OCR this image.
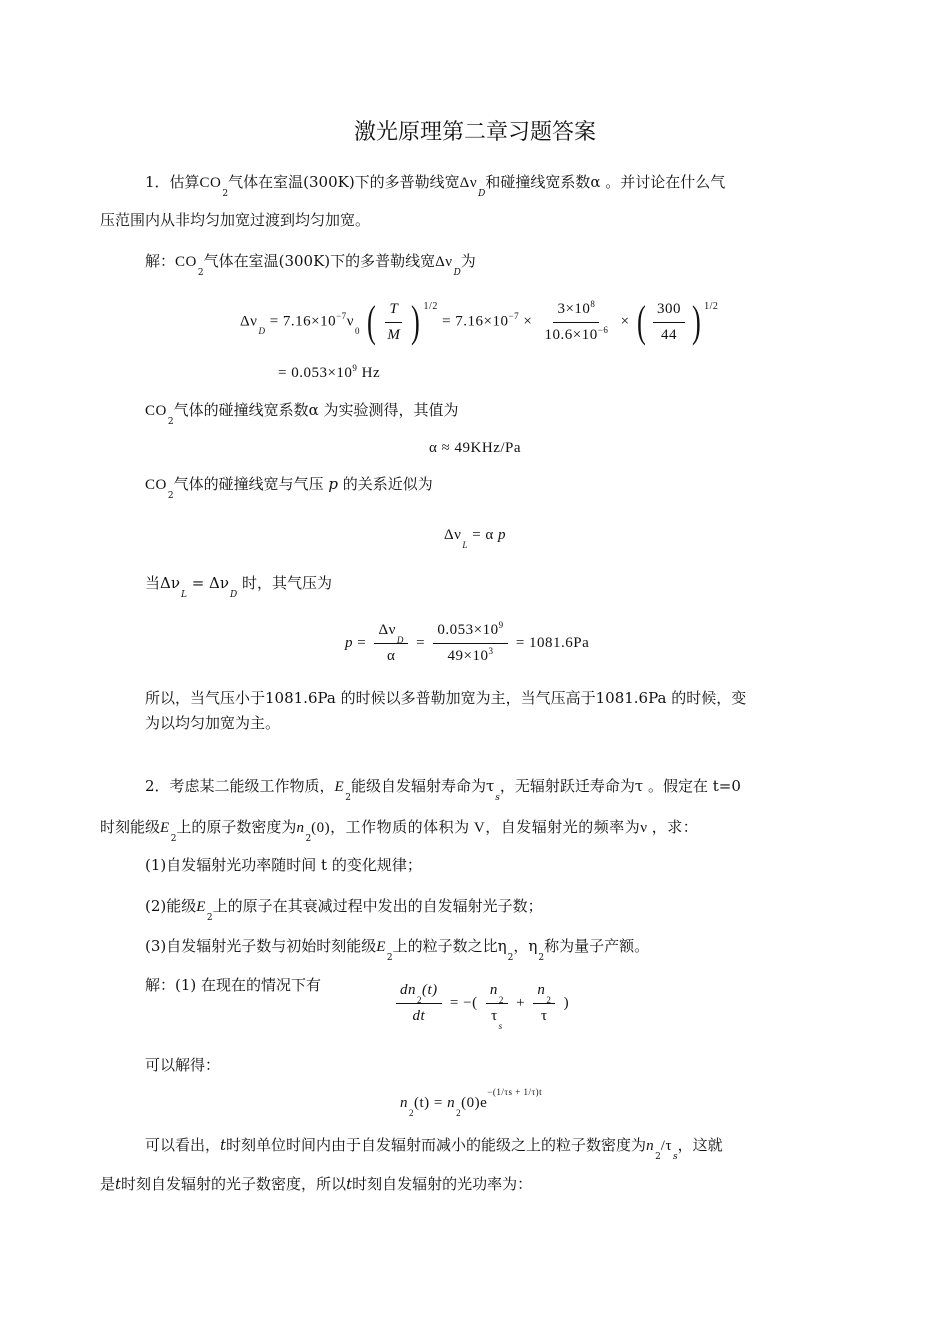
激光原理第二章习题答案
1．估算$CO_2$气体在室温(300K)下的多普勒线宽$\Delta\nu_D$和碰撞线宽系数α 。并讨论在什么气
压范围内从非均匀加宽过渡到均匀加宽。
解：$CO_2$气体在室温(300K)下的多普勒线宽$\Delta\nu_D$为
$\Delta\nu_D = 7.16\times 10^{-7}\nu_0$ ( $\frac{T}{M}$ ) $^{1/2} = 7.16\times 10^{-7} \times \frac{3\times 10^8}{10.6\times 10^{-6}}$ × ( $\frac{300}{44}$ ) $^{1/2}$
= $0.053\times 10^9$ Hz
$CO_2$气体的碰撞线宽系数α 为实验测得，其值为
α ≈ 49KHz/Pa
$CO_2$气体的碰撞线宽与气压 p 的关系近似为
$\Delta\nu_L = \alpha$ p
当$\Delta\nu_L = \Delta\nu_D$ 时，其气压为
$p = \frac{\Delta\nu_D}{\alpha} = \frac{0.053\times 10^9}{49\times 10^3} = 1081.6Pa$
所以，当气压小于1081.6Pa 的时候以多普勒加宽为主，当气压高于1081.6Pa 的时候，变
为以均匀加宽为主。
2．考虑某二能级工作物质，$E_2$能级自发辐射寿命为$\tau_s$，无辐射跃迁寿命为τ 。假定在 t=0
时刻能级$E_2$上的原子数密度为$n_2(0)$，工作物质的体积为 V，自发辐射光的频率为ν ，求：
(1)自发辐射光功率随时间 t 的变化规律；
(2)能级$E_2$上的原子在其衰减过程中发出的自发辐射光子数；
(3)自发辐射光子数与初始时刻能级$E_2$上的粒子数之比$\eta_2$，$\eta_2$称为量子产额。
解：(1) 在现在的情况下有	$\frac{dn_2(t)}{dt}$ = −( $\frac{n_2}{\tau_s} + \frac{n_2}{\tau}$ )
可以解得：
$n_2(t) = n_2(0)e^{-(1/\tau s + 1/\tau)t}$
可以看出，t时刻单位时间内由于自发辐射而减小的能级之上的粒子数密度为$n_2/\tau_s$，这就
是t时刻自发辐射的光子数密度，所以t时刻自发辐射的光功率为：
